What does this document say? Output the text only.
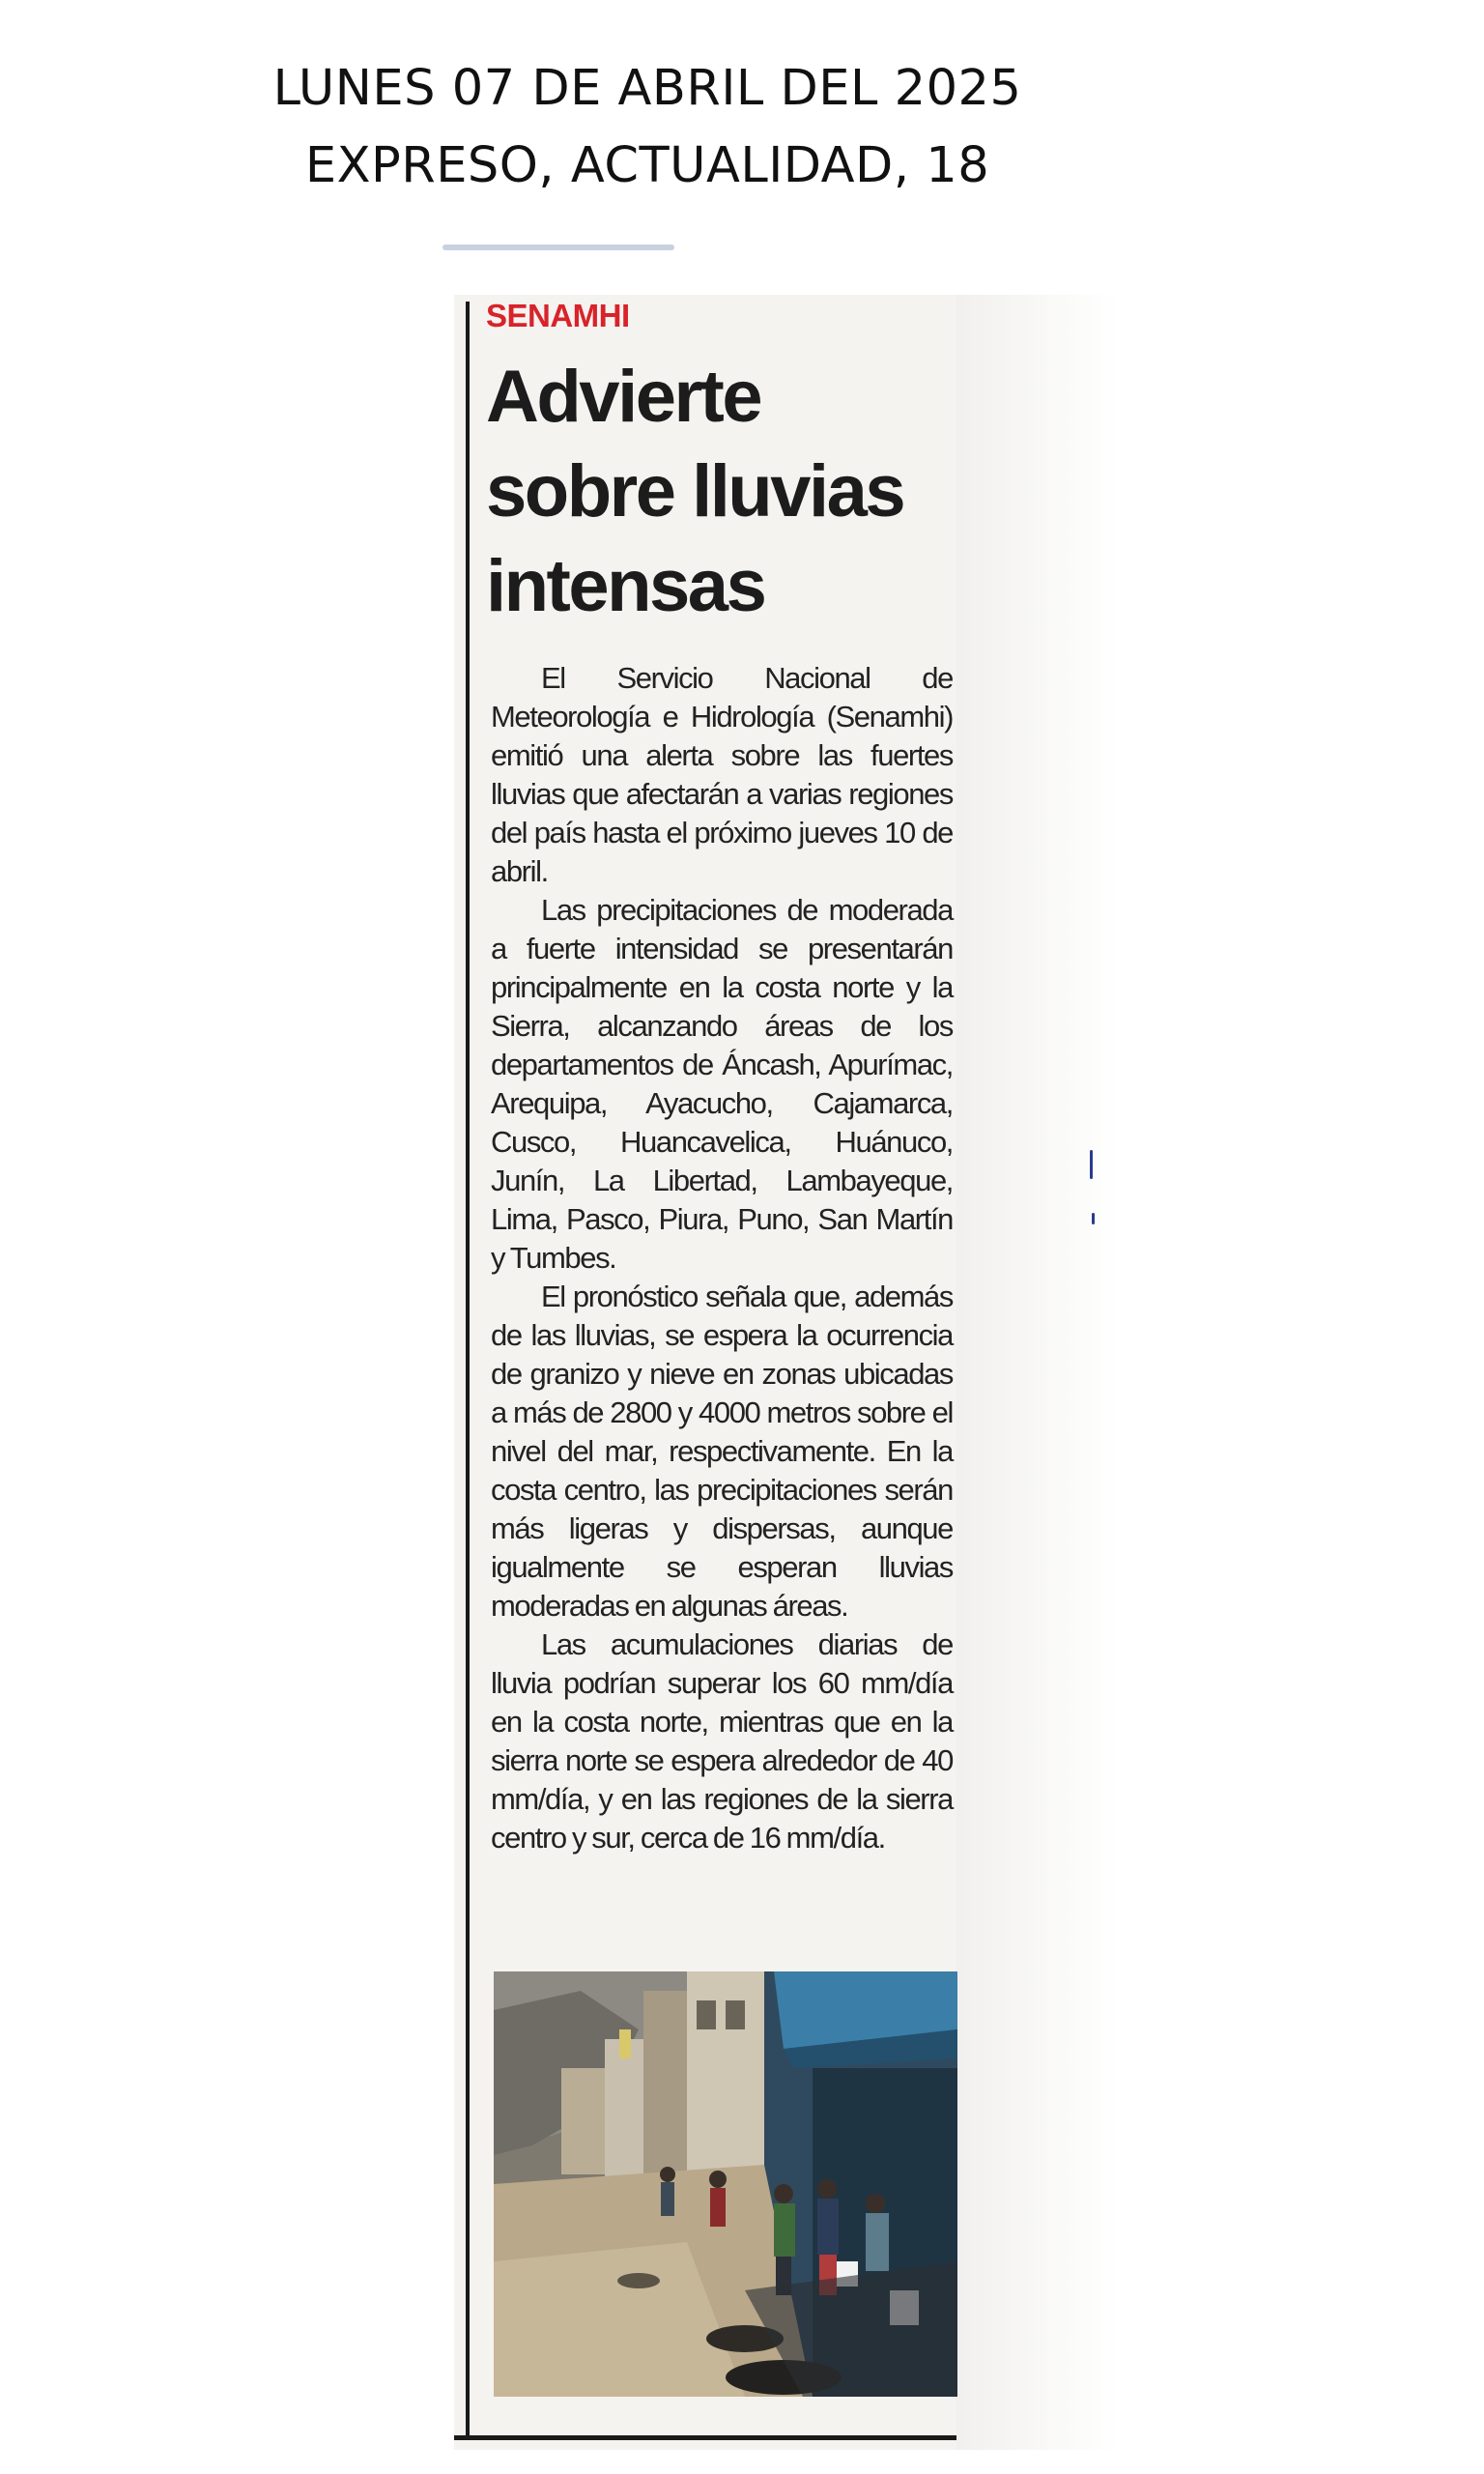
LUNES 07 DE ABRIL DEL 2025
EXPRESO, ACTUALIDAD, 18
SENAMHI
Advierte
sobre lluvias
intensas

El Servicio Nacional de Meteorología e Hidrología (Senamhi) emitió una alerta sobre las fuertes lluvias que afectarán a varias regiones del país hasta el próximo jueves 10 de abril.

Las precipitaciones de moderada a fuerte intensidad se presentarán principalmente en la costa norte y la Sierra, alcanzando áreas de los departamentos de Áncash, Apurímac, Arequipa, Ayacucho, Cajamarca, Cusco, Huancavelica, Huánuco, Junín, La Libertad, Lambayeque, Lima, Pasco, Piura, Puno, San Martín y Tumbes.

El pronóstico señala que, además de las lluvias, se espera la ocurrencia de granizo y nieve en zonas ubicadas a más de 2800 y 4000 metros sobre el nivel del mar, respectivamente. En la costa centro, las precipitaciones serán más ligeras y dispersas, aunque igualmente se esperan lluvias moderadas en algunas áreas.

Las acumulaciones diarias de lluvia podrían superar los 60 mm/día en la costa norte, mientras que en la sierra norte se espera alrededor de 40 mm/día, y en las regiones de la sierra centro y sur, cerca de 16 mm/día.
